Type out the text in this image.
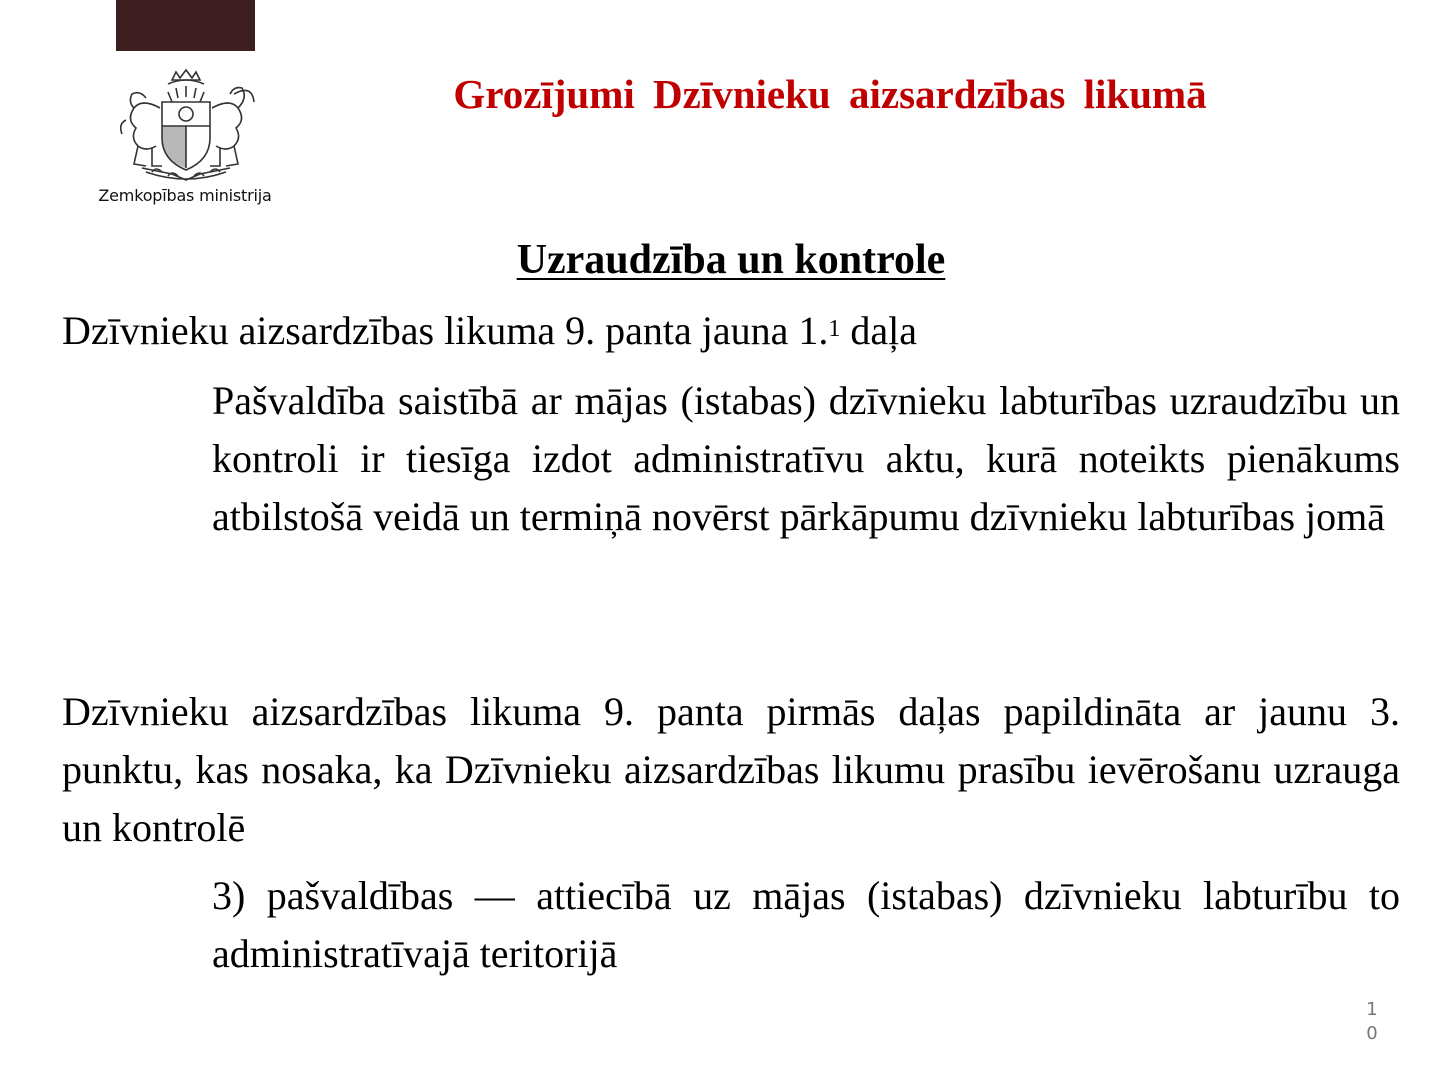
Zemkopības ministrija
Grozījumi Dzīvnieku aizsardzības likumā
Uzraudzība un kontrole

Dzīvnieku aizsardzības likuma 9. panta jauna 1.$^1$ daļa

Pašvaldība saistībā ar mājas (istabas) dzīvnieku labturības uzraudzību un kontroli ir tiesīga izdot administratīvu aktu, kurā noteikts pienākums atbilstošā veidā un termiņā novērst pārkāpumu dzīvnieku labturības jomā

Dzīvnieku aizsardzības likuma 9. panta pirmās daļas papildināta ar jaunu 3. punktu, kas nosaka, ka Dzīvnieku aizsardzības likumu prasību ievērošanu uzrauga un kontrolē

3) pašvaldības — attiecībā uz mājas (istabas) dzīvnieku labturību to administratīvajā teritorijā

10
